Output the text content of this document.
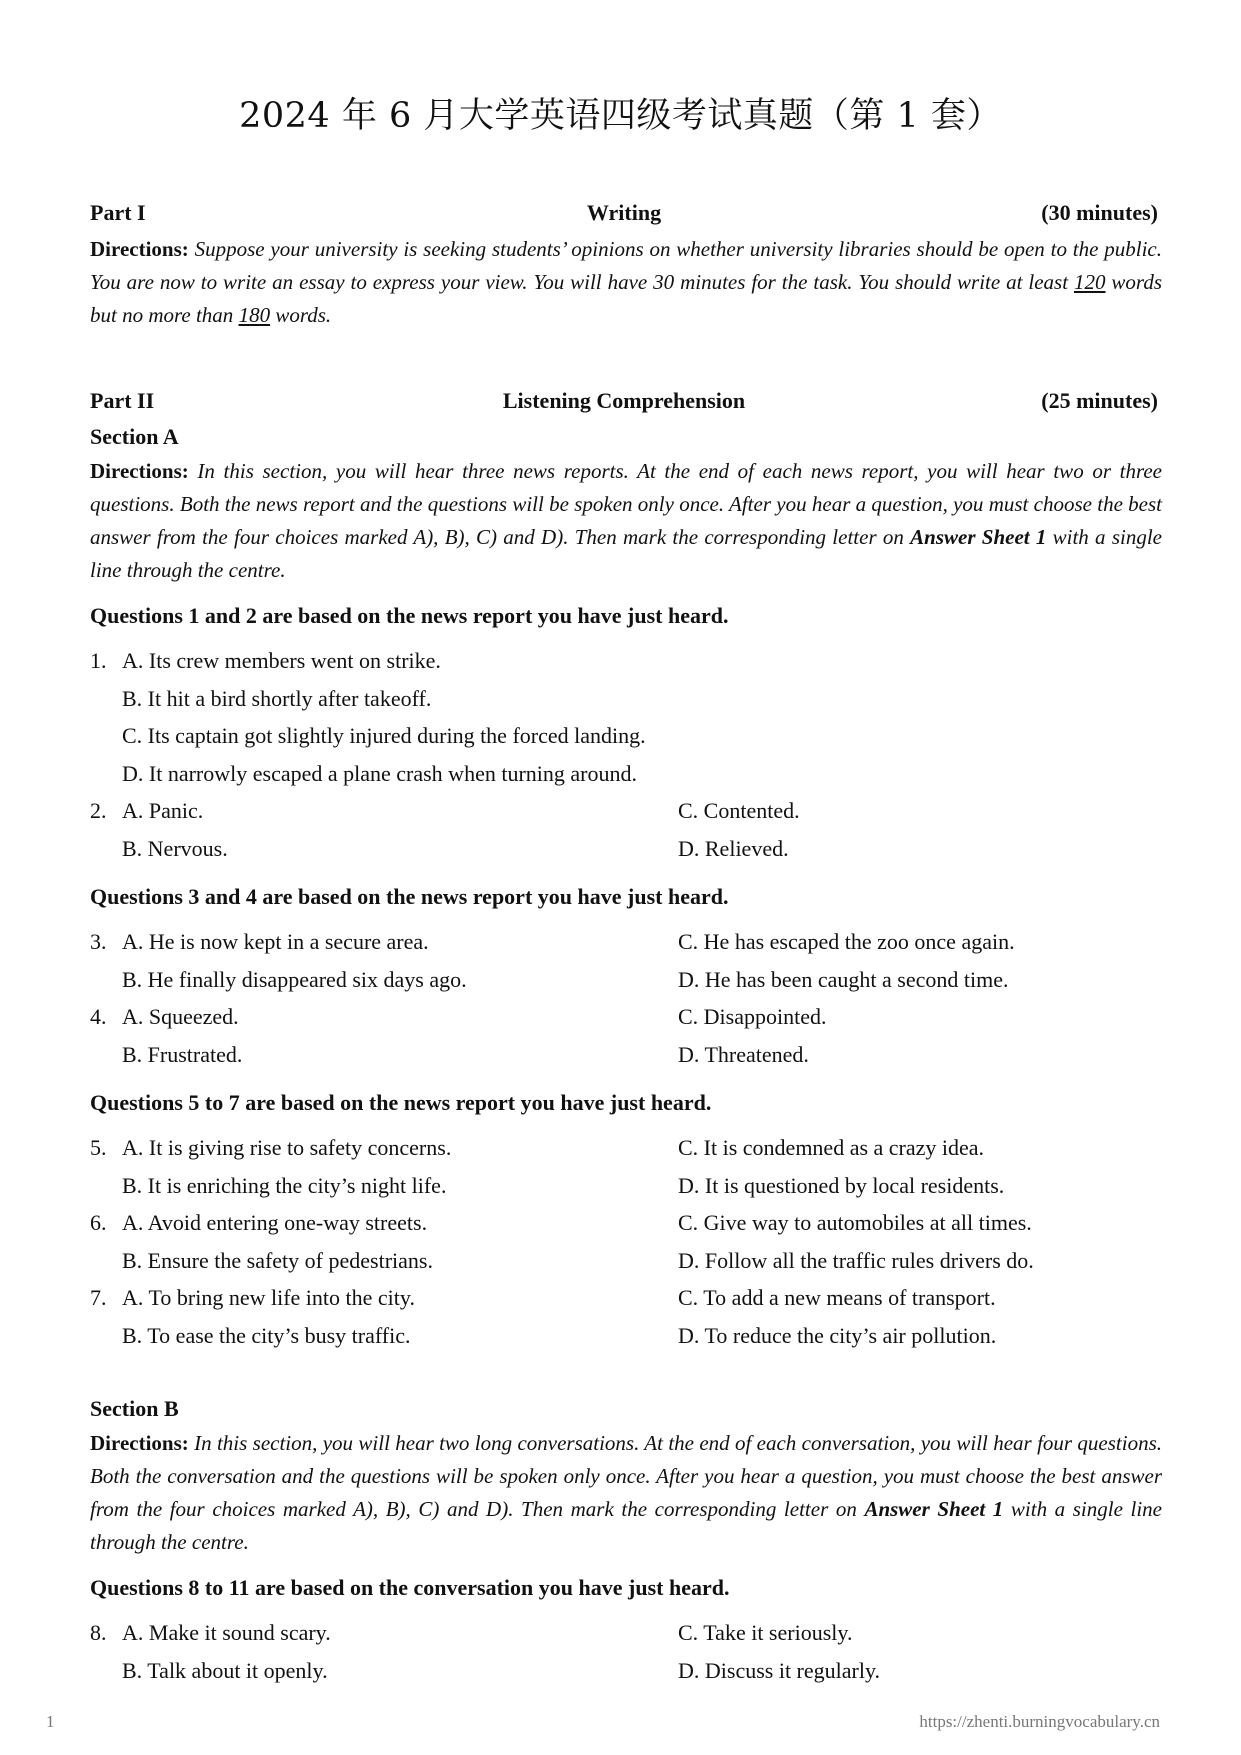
2024 年 6 月大学英语四级考试真题（第 1 套）
Part I	Writing	(30 minutes)
Directions: Suppose your university is seeking students’ opinions on whether university libraries should be open to the public. You are now to write an essay to express your view. You will have 30 minutes for the task. You should write at least 120 words but no more than 180 words.
Part II	Listening Comprehension	(25 minutes)
Section A
Directions: In this section, you will hear three news reports. At the end of each news report, you will hear two or three questions. Both the news report and the questions will be spoken only once. After you hear a question, you must choose the best answer from the four choices marked A), B), C) and D). Then mark the corresponding letter on Answer Sheet 1 with a single line through the centre.
Questions 1 and 2 are based on the news report you have just heard.
1. A. Its crew members went on strike.
B. It hit a bird shortly after takeoff.
C. Its captain got slightly injured during the forced landing.
D. It narrowly escaped a plane crash when turning around.
2. A. Panic.	C. Contented.
B. Nervous.	D. Relieved.
Questions 3 and 4 are based on the news report you have just heard.
3. A. He is now kept in a secure area.	C. He has escaped the zoo once again.
B. He finally disappeared six days ago.	D. He has been caught a second time.
4. A. Squeezed.	C. Disappointed.
B. Frustrated.	D. Threatened.
Questions 5 to 7 are based on the news report you have just heard.
5. A. It is giving rise to safety concerns.	C. It is condemned as a crazy idea.
B. It is enriching the city’s night life.	D. It is questioned by local residents.
6. A. Avoid entering one-way streets.	C. Give way to automobiles at all times.
B. Ensure the safety of pedestrians.	D. Follow all the traffic rules drivers do.
7. A. To bring new life into the city.	C. To add a new means of transport.
B. To ease the city’s busy traffic.	D. To reduce the city’s air pollution.
Section B
Directions: In this section, you will hear two long conversations. At the end of each conversation, you will hear four questions. Both the conversation and the questions will be spoken only once. After you hear a question, you must choose the best answer from the four choices marked A), B), C) and D). Then mark the corresponding letter on Answer Sheet 1 with a single line through the centre.
Questions 8 to 11 are based on the conversation you have just heard.
8. A. Make it sound scary.	C. Take it seriously.
B. Talk about it openly.	D. Discuss it regularly.
1	https://zhenti.burningvocabulary.cn
